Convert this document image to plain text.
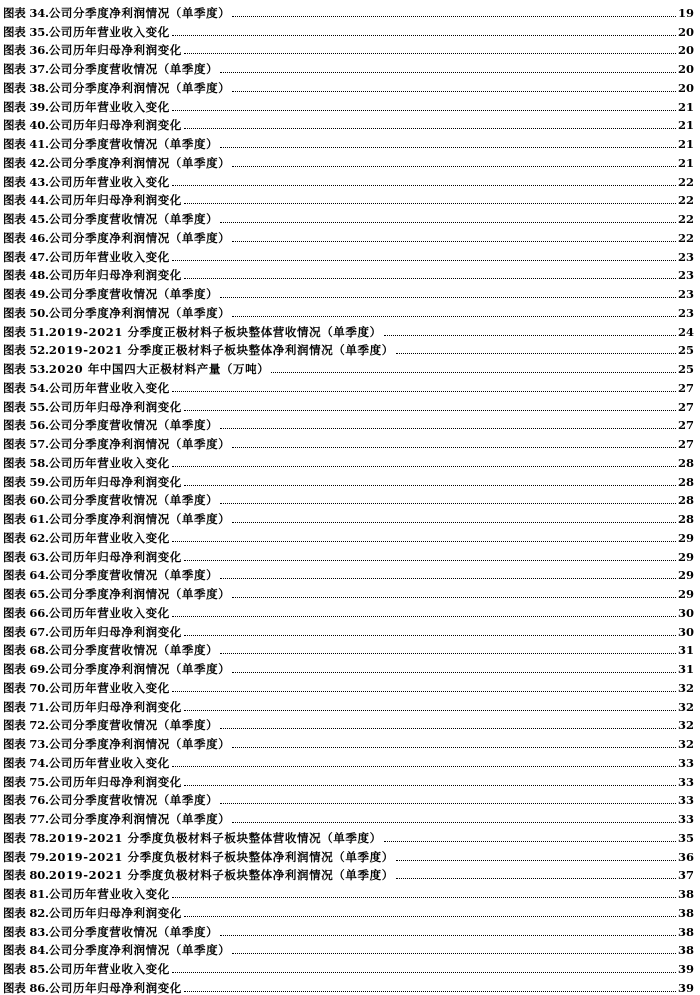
图表 34. 公司分季度净利润情况（单季度）	19
图表 35. 公司历年营业收入变化	20
图表 36. 公司历年归母净利润变化	20
图表 37. 公司分季度营收情况（单季度）	20
图表 38. 公司分季度净利润情况（单季度）	20
图表 39. 公司历年营业收入变化	21
图表 40. 公司历年归母净利润变化	21
图表 41. 公司分季度营收情况（单季度）	21
图表 42. 公司分季度净利润情况（单季度）	21
图表 43. 公司历年营业收入变化	22
图表 44. 公司历年归母净利润变化	22
图表 45. 公司分季度营收情况（单季度）	22
图表 46. 公司分季度净利润情况（单季度）	22
图表 47. 公司历年营业收入变化	23
图表 48. 公司历年归母净利润变化	23
图表 49. 公司分季度营收情况（单季度）	23
图表 50. 公司分季度净利润情况（单季度）	23
图表 51. 2019-2021 分季度正极材料子板块整体营收情况（单季度）	24
图表 52. 2019-2021 分季度正极材料子板块整体净利润情况（单季度）	25
图表 53. 2020 年中国四大正极材料产量（万吨）	25
图表 54. 公司历年营业收入变化	27
图表 55. 公司历年归母净利润变化	27
图表 56. 公司分季度营收情况（单季度）	27
图表 57. 公司分季度净利润情况（单季度）	27
图表 58. 公司历年营业收入变化	28
图表 59. 公司历年归母净利润变化	28
图表 60. 公司分季度营收情况（单季度）	28
图表 61. 公司分季度净利润情况（单季度）	28
图表 62. 公司历年营业收入变化	29
图表 63. 公司历年归母净利润变化	29
图表 64. 公司分季度营收情况（单季度）	29
图表 65. 公司分季度净利润情况（单季度）	29
图表 66. 公司历年营业收入变化	30
图表 67. 公司历年归母净利润变化	30
图表 68. 公司分季度营收情况（单季度）	31
图表 69. 公司分季度净利润情况（单季度）	31
图表 70. 公司历年营业收入变化	32
图表 71. 公司历年归母净利润变化	32
图表 72. 公司分季度营收情况（单季度）	32
图表 73. 公司分季度净利润情况（单季度）	32
图表 74. 公司历年营业收入变化	33
图表 75. 公司历年归母净利润变化	33
图表 76. 公司分季度营收情况（单季度）	33
图表 77. 公司分季度净利润情况（单季度）	33
图表 78. 2019-2021 分季度负极材料子板块整体营收情况（单季度）	35
图表 79. 2019-2021 分季度负极材料子板块整体净利润情况（单季度）	36
图表 80. 2019-2021 分季度负极材料子板块整体净利润情况（单季度）	37
图表 81. 公司历年营业收入变化	38
图表 82. 公司历年归母净利润变化	38
图表 83. 公司分季度营收情况（单季度）	38
图表 84. 公司分季度净利润情况（单季度）	38
图表 85. 公司历年营业收入变化	39
图表 86. 公司历年归母净利润变化	39
